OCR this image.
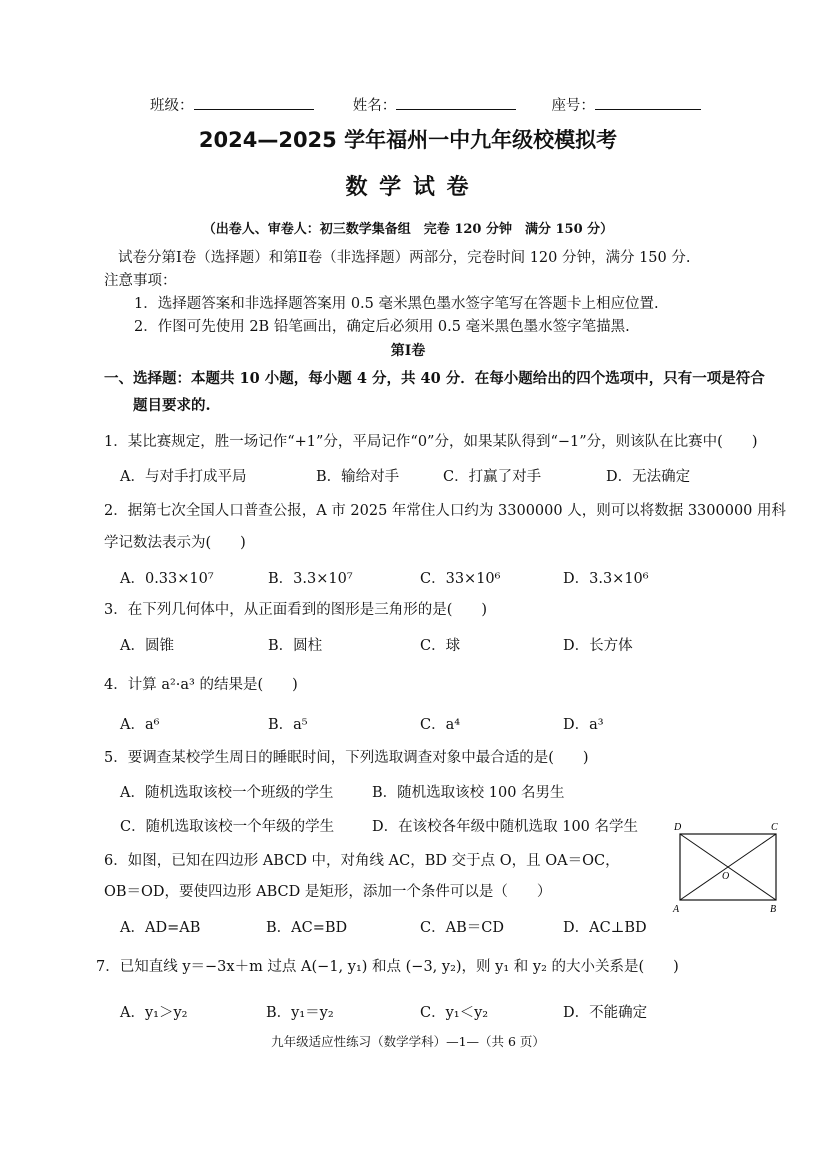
班级：	姓名：	座号：
2024—2025 学年福州一中九年级校模拟考
数 学 试 卷
（出卷人、审卷人：初三数学集备组　完卷 120 分钟　满分 150 分）
试卷分第Ⅰ卷（选择题）和第Ⅱ卷（非选择题）两部分，完卷时间 120 分钟，满分 150 分.
注意事项：
1．选择题答案和非选择题答案用 0.5 毫米黑色墨水签字笔写在答题卡上相应位置.
2．作图可先使用 2B 铅笔画出，确定后必须用 0.5 毫米黑色墨水签字笔描黑.
第Ⅰ卷
一、选择题：本题共 10 小题，每小题 4 分，共 40 分．在每小题给出的四个选项中，只有一项是符合
题目要求的.
1．某比赛规定，胜一场记作“+1”分，平局记作“0”分，如果某队得到“−1”分，则该队在比赛中(　　)
A．与对手打成平局	B．输给对手	C．打赢了对手	D．无法确定
2．据第七次全国人口普查公报，A 市 2025 年常住人口约为 3300000 人，则可以将数据 3300000 用科
学记数法表示为(　　)
A．0.33×10⁷	B．3.3×10⁷	C．33×10⁶	D．3.3×10⁶
3．在下列几何体中，从正面看到的图形是三角形的是(　　)
A．圆锥	B．圆柱	C．球	D．长方体
4．计算 a²·a³ 的结果是(　　)
A．a⁶	B．a⁵	C．a⁴	D．a³
5．要调查某校学生周日的睡眠时间，下列选取调查对象中最合适的是(　　)
A．随机选取该校一个班级的学生	B．随机选取该校 100 名男生
C．随机选取该校一个年级的学生	D．在该校各年级中随机选取 100 名学生
6．如图，已知在四边形 ABCD 中，对角线 AC，BD 交于点 O，且 OA＝OC，
OB＝OD，要使四边形 ABCD 是矩形，添加一个条件可以是（　　）
A．AD=AB	B．AC=BD	C．AB＝CD	D．AC⊥BD
D	C
A	B
O
7．已知直线 y＝−3x＋m 过点 A(−1, y₁) 和点 (−3, y₂)，则 y₁ 和 y₂ 的大小关系是(　　)
A．y₁＞y₂	B．y₁＝y₂	C．y₁＜y₂	D．不能确定
九年级适应性练习（数学学科）—1—（共 6 页）
